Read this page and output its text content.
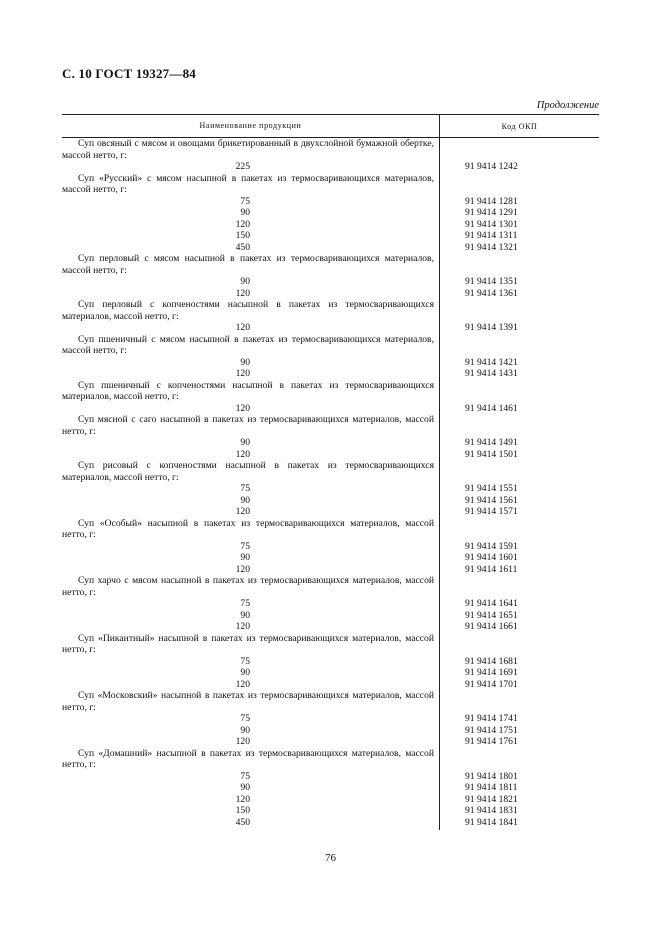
С. 10 ГОСТ 19327—84
Продолжение
Наименование продукции	Код ОКП
Суп овсяный с мясом и овощами брикетированный в двухслойной бумажной обертке, массой нетто, г:
225	91 9414 1242
Суп «Русский» с мясом насыпной в пакетах из термосваривающихся материалов, массой нетто, г:
75	91 9414 1281
90	91 9414 1291
120	91 9414 1301
150	91 9414 1311
450	91 9414 1321
Суп перловый с мясом насыпной в пакетах из термосваривающихся материалов, массой нетто, г:
90	91 9414 1351
120	91 9414 1361
Суп перловый с копченостями насыпной в пакетах из термосваривающихся материалов, массой нетто, г:
120	91 9414 1391
Суп пшеничный с мясом насыпной в пакетах из термосваривающихся материалов, массой нетто, г:
90	91 9414 1421
120	91 9414 1431
Суп пшеничный с копченостями насыпной в пакетах из термосваривающихся материалов, массой нетто, г:
120	91 9414 1461
Суп мясной с саго насыпной в пакетах из термосваривающихся материалов, массой нетто, г:
90	91 9414 1491
120	91 9414 1501
Суп рисовый с копченостями насыпной в пакетах из термосваривающихся материалов, массой нетто, г:
75	91 9414 1551
90	91 9414 1561
120	91 9414 1571
Суп «Особый» насыпной в пакетах из термосваривающихся материалов, массой нетто, г:
75	91 9414 1591
90	91 9414 1601
120	91 9414 1611
Суп харчо с мясом насыпной в пакетах из термосваривающихся материалов, массой нетто, г:
75	91 9414 1641
90	91 9414 1651
120	91 9414 1661
Суп «Пикантный» насыпной в пакетах из термосваривающихся материалов, массой нетто, г:
75	91 9414 1681
90	91 9414 1691
120	91 9414 1701
Суп «Московский» насыпной в пакетах из термосваривающихся материалов, массой нетто, г:
75	91 9414 1741
90	91 9414 1751
120	91 9414 1761
Суп «Домашний» насыпной в пакетах из термосваривающихся материалов, массой нетто, г:
75	91 9414 1801
90	91 9414 1811
120	91 9414 1821
150	91 9414 1831
450	91 9414 1841
76
